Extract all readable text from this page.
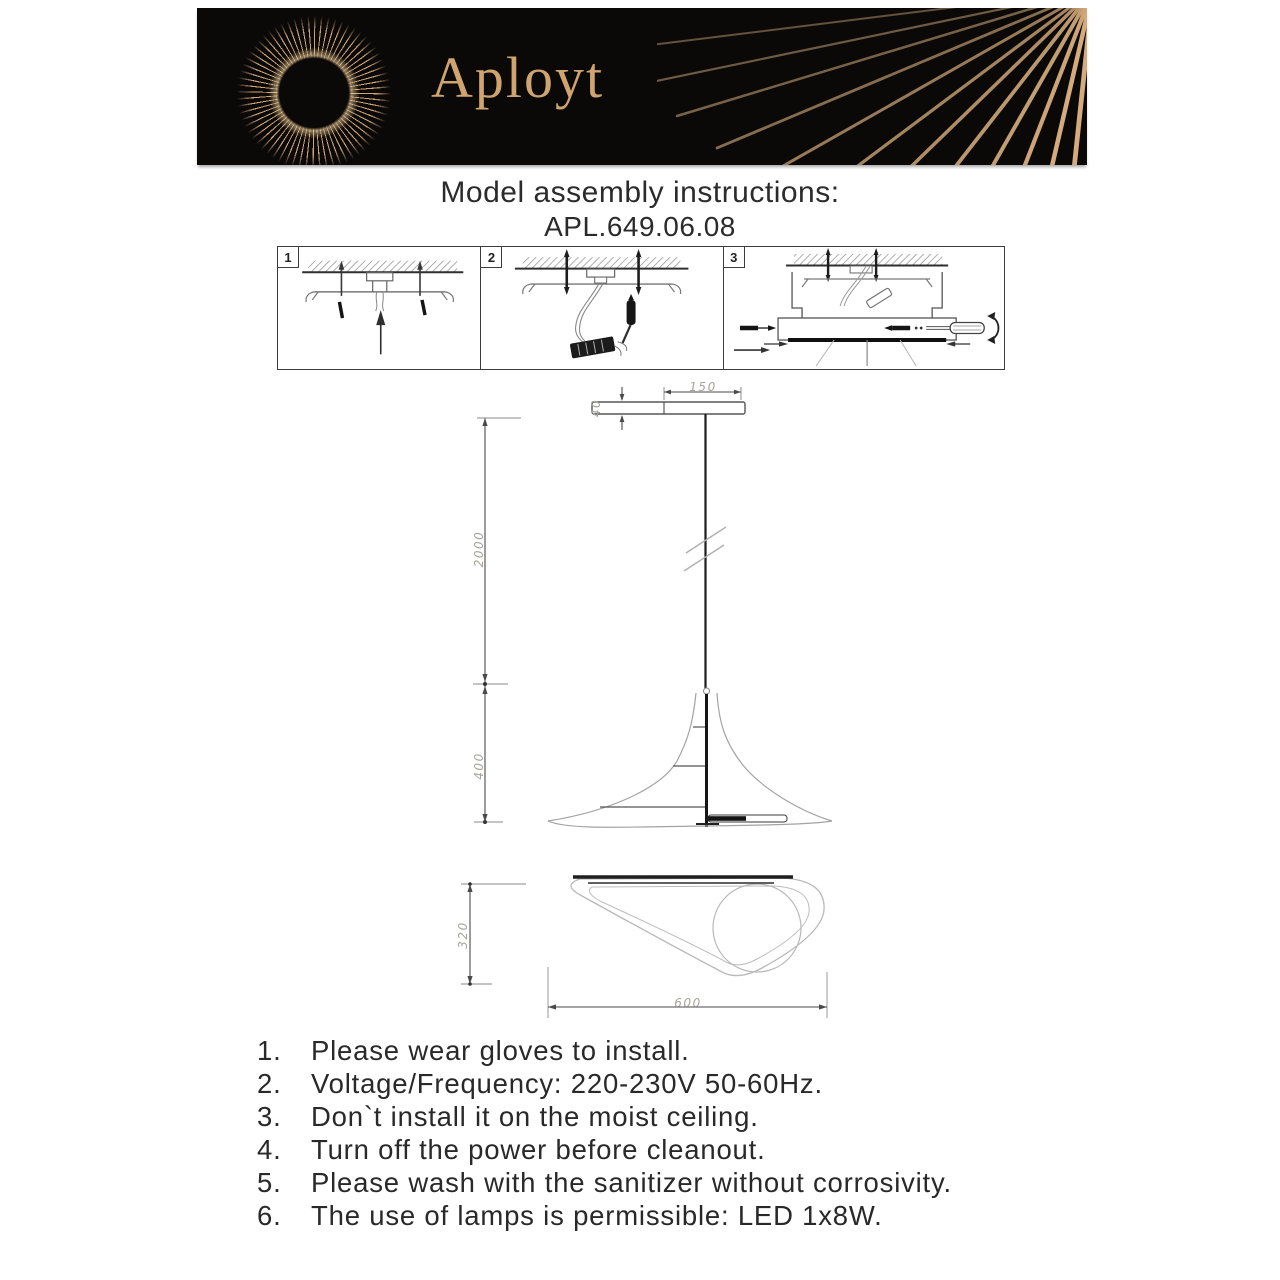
Aployt
Model assembly instructions:
APL.649.06.08
1	2	3
150
40
2000
400
320
600
1.	Please wear gloves to install.
2.	Voltage/Frequency: 220-230V 50-60Hz.
3.	Don`t install it on the moist ceiling.
4.	Turn off the power before cleanout.
5.	Please wash with the sanitizer without corrosivity.
6.	The use of lamps is permissible: LED 1x8W.
